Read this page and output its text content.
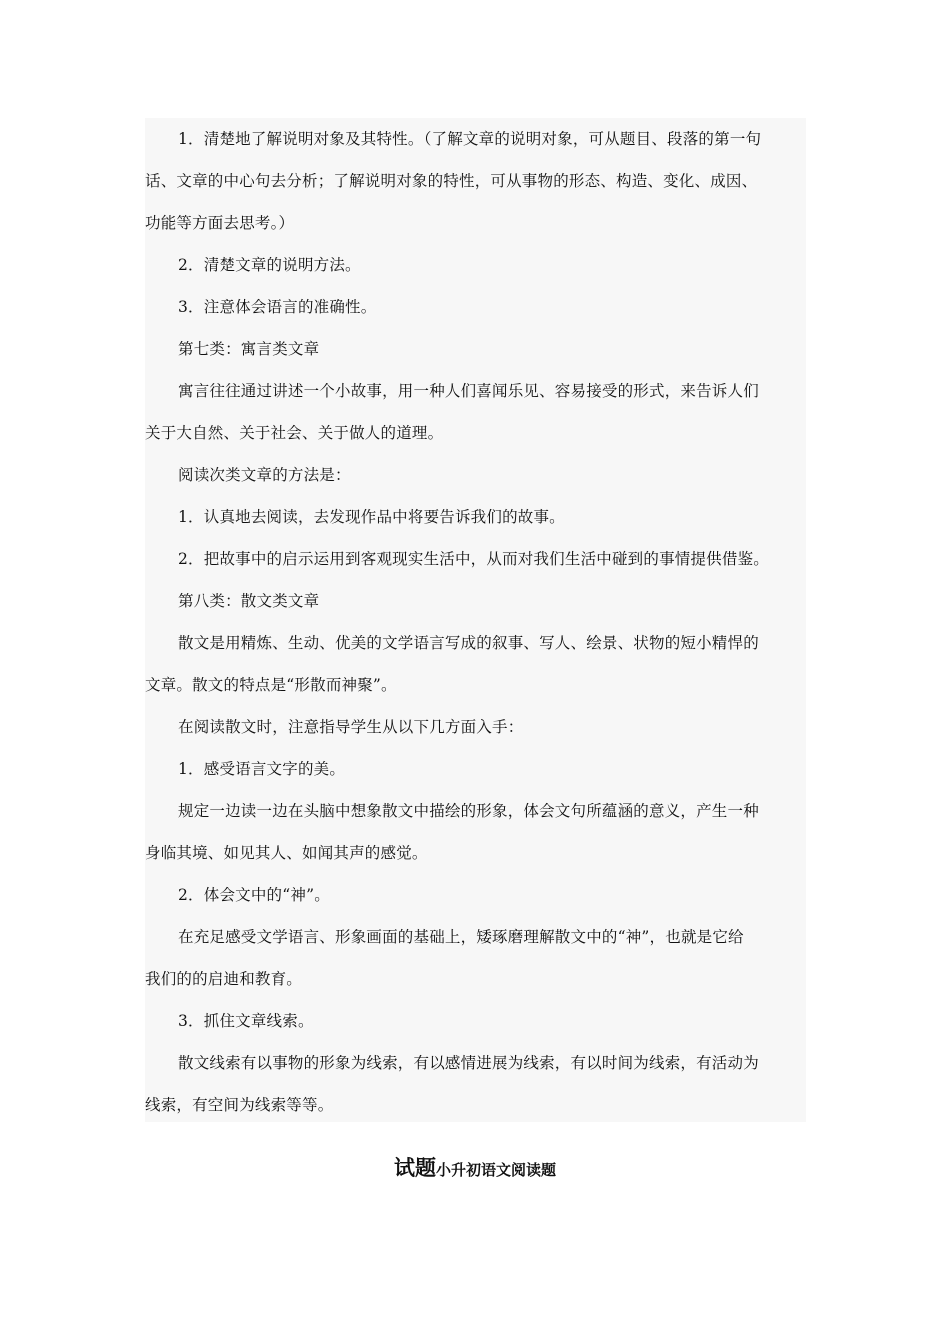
1．清楚地了解说明对象及其特性。（了解文章的说明对象，可从题目、段落的第一句

话、文章的中心句去分析；了解说明对象的特性，可从事物的形态、构造、变化、成因、

功能等方面去思考。）

2．清楚文章的说明方法。

3．注意体会语言的准确性。

第七类：寓言类文章

寓言往往通过讲述一个小故事，用一种人们喜闻乐见、容易接受的形式，来告诉人们

关于大自然、关于社会、关于做人的道理。

阅读次类文章的方法是：

1．认真地去阅读，去发现作品中将要告诉我们的故事。

2．把故事中的启示运用到客观现实生活中，从而对我们生活中碰到的事情提供借鉴。

第八类：散文类文章

散文是用精炼、生动、优美的文学语言写成的叙事、写人、绘景、状物的短小精悍的

文章。散文的特点是“形散而神聚”。

在阅读散文时，注意指导学生从以下几方面入手：

1．感受语言文字的美。

规定一边读一边在头脑中想象散文中描绘的形象，体会文句所蕴涵的意义，产生一种

身临其境、如见其人、如闻其声的感觉。

2．体会文中的“神”。

在充足感受文学语言、形象画面的基础上，矮琢磨理解散文中的“神”，也就是它给

我们的的启迪和教育。

3．抓住文章线索。

散文线索有以事物的形象为线索，有以感情进展为线索，有以时间为线索，有活动为

线索，有空间为线索等等。

试题小升初语文阅读题
